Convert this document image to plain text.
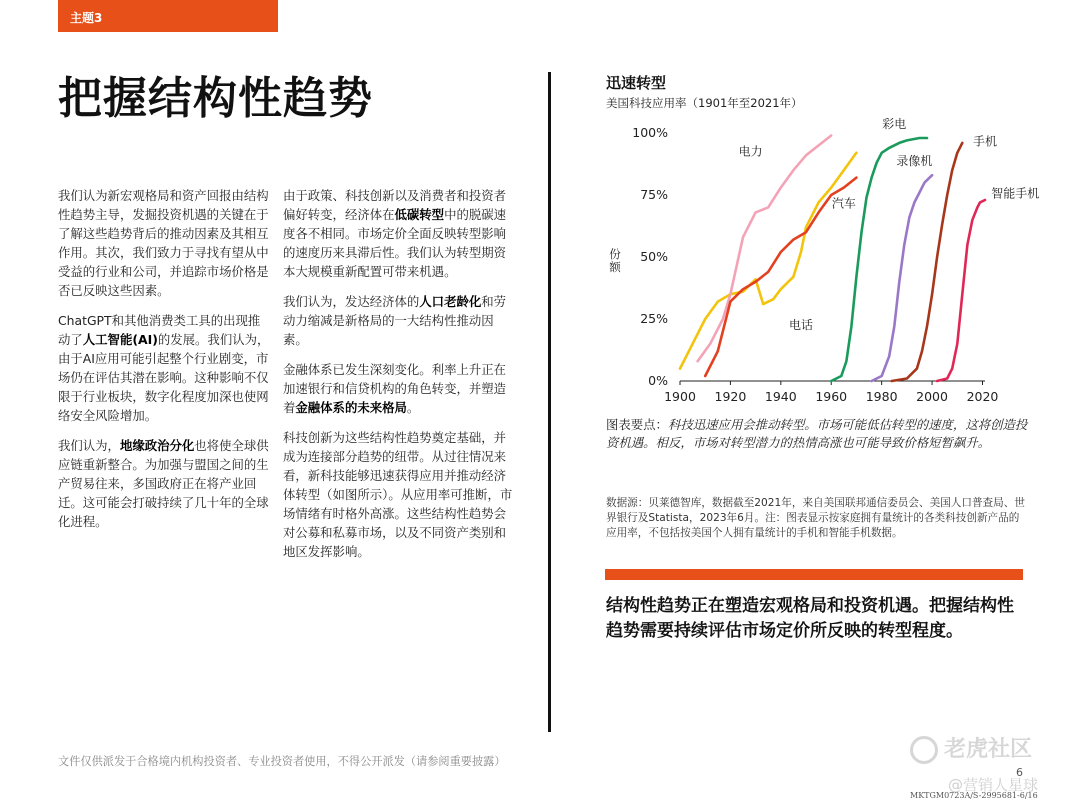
主题3
把握结构性趋势

我们认为新宏观格局和资产回报由结构性趋势主导，发掘投资机遇的关键在于了解这些趋势背后的推动因素及其相互作用。其次，我们致力于寻找有望从中受益的行业和公司，并追踪市场价格是否已反映这些因素。

ChatGPT和其他消费类工具的出现推动了人工智能(AI)的发展。我们认为，由于AI应用可能引起整个行业剧变，市场仍在评估其潜在影响。这种影响不仅限于行业板块，数字化程度加深也使网络安全风险增加。

我们认为，地缘政治分化也将使全球供应链重新整合。为加强与盟国之间的生产贸易往来，多国政府正在将产业回迁。这可能会打破持续了几十年的全球化进程。

由于政策、科技创新以及消费者和投资者偏好转变，经济体在低碳转型中的脱碳速度各不相同。市场定价全面反映转型影响的速度历来具滞后性。我们认为转型期资本大规模重新配置可带来机遇。

我们认为，发达经济体的人口老龄化和劳动力缩减是新格局的一大结构性推动因素。

金融体系已发生深刻变化。利率上升正在加速银行和信贷机构的角色转变，并塑造着金融体系的未来格局。

科技创新为这些结构性趋势奠定基础，并成为连接部分趋势的纽带。从过往情况来看，新科技能够迅速获得应用并推动经济体转型（如图所示）。从应用率可推断，市场情绪有时格外高涨。这些结构性趋势会对公募和私募市场，以及不同资产类别和地区发挥影响。

迅速转型
美国科技应用率（1901年至2021年）
0%
25%
50%
75%
100%
份
额
1900 1920 1940 1960 1980 2000 2020
电话
电力
汽车
彩电
录像机
手机
智能手机
图表要点：科技迅速应用会推动转型。市场可能低估转型的速度，这将创造投资机遇。相反，市场对转型潜力的热情高涨也可能导致价格短暂飙升。
数据源：贝莱德智库，数据截至2021年，来自美国联邦通信委员会、美国人口普查局、世界银行及Statista，2023年6月。注：图表显示按家庭拥有量统计的各类科技创新产品的应用率，不包括按美国个人拥有量统计的手机和智能手机数据。
结构性趋势正在塑造宏观格局和投资机遇。把握结构性趋势需要持续评估市场定价所反映的转型程度。
文件仅供派发于合格境内机构投资者、专业投资者使用，不得公开派发（请参阅重要披露）	老虎社区
@营销人星球
6
MKTGM0723A/S-2995681-6/16
